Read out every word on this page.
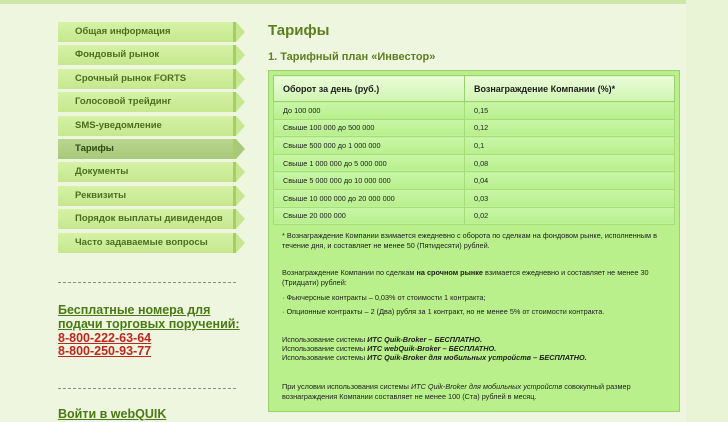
Общая информация
Фондовый рынок
Срочный рынок FORTS
Голосовой трейдинг
SMS-уведомление
Тарифы
Документы
Реквизиты
Порядок выплаты дивидендов
Часто задаваемые вопросы
Бесплатные номера для подачи торговых поручений:
8-800-222-63-64
8-800-250-93-77
Войти в webQUIK
Тарифы
1. Тарифный план «Инвестор»
Оборот за день (руб.)	Вознаграждение Компании (%)*
До 100 000	0,15
Свыше 100 000 до 500 000	0,12
Свыше 500 000 до 1 000 000	0,1
Свыше 1 000 000 до 5 000 000	0,08
Свыше 5 000 000 до 10 000 000	0,04
Свыше 10 000 000 до 20 000 000	0,03
Свыше 20 000 000	0,02

* Вознаграждение Компании взимается ежедневно с оборота по сделкам на фондовом рынке, исполненным в течение дня, и составляет не менее 50 (Пятидесяти) рублей.

Вознаграждение Компании по сделкам на срочном рынке взимается ежедневно и составляет не менее 30 (Тридцати) рублей:

· Фьючерсные контракты – 0,03% от стоимости 1 контракта;

· Опционные контракты – 2 (Два) рубля за 1 контракт, но не менее 5% от стоимости контракта.

Использование системы ИТС Quik-Broker – БЕСПЛАТНО.

Использование системы ИТС webQuik-Broker – БЕСПЛАТНО.

Использование системы ИТС Quik-Broker для мобильных устройств – БЕСПЛАТНО.

При условии использования системы ИТС Quik-Broker для мобильных устройств совокупный размер вознаграждения Компании составляет не менее 100 (Ста) рублей в месяц.
